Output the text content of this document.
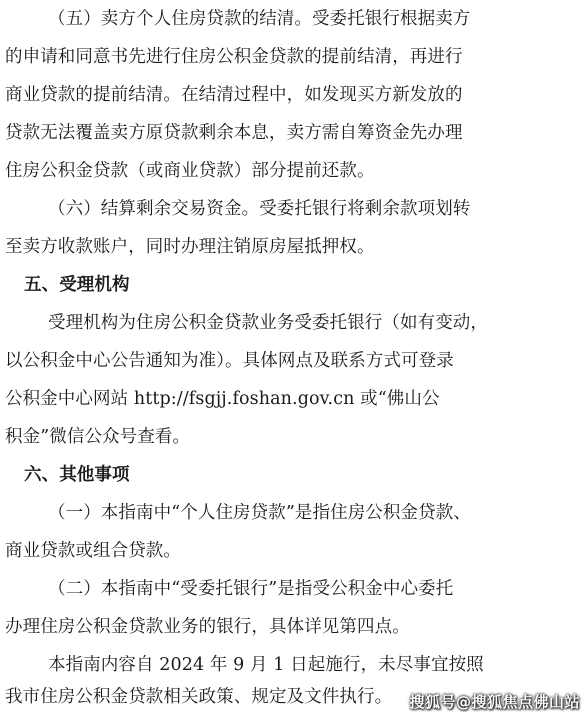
（五）卖方个人住房贷款的结清。受委托银行根据卖方
的申请和同意书先进行住房公积金贷款的提前结清，再进行
商业贷款的提前结清。在结清过程中，如发现买方新发放的
贷款无法覆盖卖方原贷款剩余本息，卖方需自筹资金先办理
住房公积金贷款（或商业贷款）部分提前还款。
（六）结算剩余交易资金。受委托银行将剩余款项划转
至卖方收款账户，同时办理注销原房屋抵押权。
五、受理机构
受理机构为住房公积金贷款业务受委托银行（如有变动，
以公积金中心公告通知为准）。具体网点及联系方式可登录
公积金中心网站 http://fsgjj.foshan.gov.cn 或“佛山公
积金”微信公众号查看。
六、其他事项
（一）本指南中“个人住房贷款”是指住房公积金贷款、
商业贷款或组合贷款。
（二）本指南中“受委托银行”是指受公积金中心委托
办理住房公积金贷款业务的银行，具体详见第四点。
本指南内容自 2024 年 9 月 1 日起施行，未尽事宜按照
我市住房公积金贷款相关政策、规定及文件执行。	搜狐号@搜狐焦点佛山站
